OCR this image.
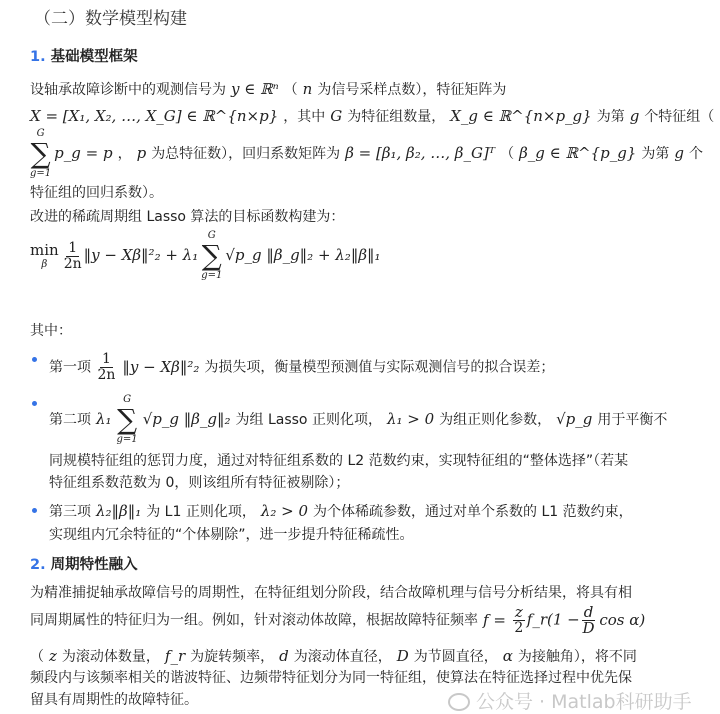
（二）数学模型构建
1. 基础模型框架
设轴承故障诊断中的观测信号为 y ∈ ℝⁿ （ n 为信号采样点数），特征矩阵为
X = [X₁, X₂, …, X_G] ∈ ℝ^{n×p} ，其中 G 为特征组数量， X_g ∈ ℝ^{n×p_g} 为第 g 个特征组（
G
∑
g=1
p_g = p ， p 为总特征数），回归系数矩阵为 β = [β₁, β₂, …, β_G]ᵀ （ β_g ∈ ℝ^{p_g} 为第 g 个
特征组的回归系数）。
改进的稀疏周期组 Lasso 算法的目标函数构建为：
min
β $\frac{1}{2n}$ ‖y − Xβ‖²₂ + λ₁
G
∑
g=1
√p_g ‖β_g‖₂ + λ₂‖β‖₁
其中：
第一项 $\frac{1}{2n}$ ‖y − Xβ‖²₂ 为损失项，衡量模型预测值与实际观测信号的拟合误差；
第二项 λ₁
G
∑
g=1
√p_g ‖β_g‖₂ 为组 Lasso 正则化项， λ₁ > 0 为组正则化参数， √p_g 用于平衡不
同规模特征组的惩罚力度，通过对特征组系数的 L2 范数约束，实现特征组的“整体选择”（若某
特征组系数范数为 0，则该组所有特征被剔除）；
第三项 λ₂‖β‖₁ 为 L1 正则化项， λ₂ > 0 为个体稀疏参数，通过对单个系数的 L1 范数约束，
实现组内冗余特征的“个体剔除”，进一步提升特征稀疏性。
2. 周期特性融入
为精准捕捉轴承故障信号的周期性，在特征组划分阶段，结合故障机理与信号分析结果，将具有相
同周期属性的特征归为一组。例如，针对滚动体故障，根据故障特征频率 $f = \frac{z}{2}$ f_r(1 − $\frac{d}{D}$ cos α)
（ z 为滚动体数量， f_r 为旋转频率， d 为滚动体直径， D 为节圆直径， α 为接触角），将不同
频段内与该频率相关的谐波特征、边频带特征划分为同一特征组，使算法在特征选择过程中优先保
留具有周期性的故障特征。	公众号 · Matlab科研助手
